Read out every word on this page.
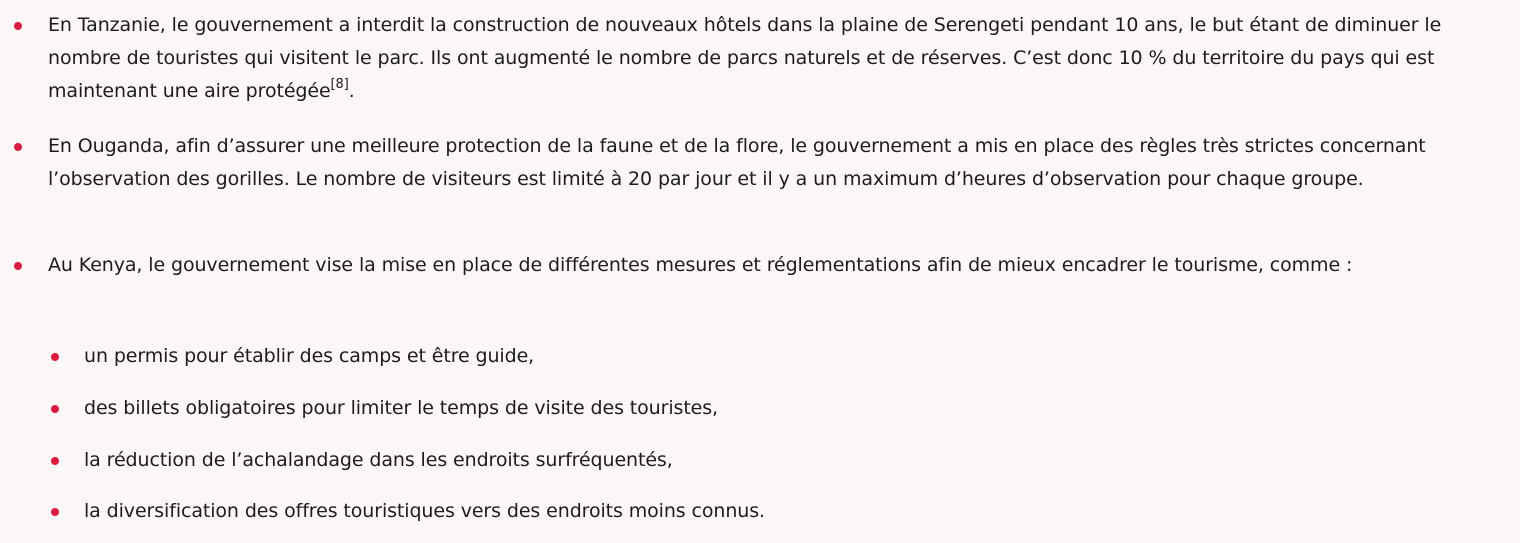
En Tanzanie, le gouvernement a interdit la construction de nouveaux hôtels dans la plaine de Serengeti pendant 10 ans, le but étant de diminuer le nombre de touristes qui visitent le parc. Ils ont augmenté le nombre de parcs naturels et de réserves. C’est donc 10 % du territoire du pays qui est maintenant une aire protégée[8].
En Ouganda, afin d’assurer une meilleure protection de la faune et de la flore, le gouvernement a mis en place des règles très strictes concernant l’observation des gorilles. Le nombre de visiteurs est limité à 20 par jour et il y a un maximum d’heures d’observation pour chaque groupe.
Au Kenya, le gouvernement vise la mise en place de différentes mesures et réglementations afin de mieux encadrer le tourisme, comme :
un permis pour établir des camps et être guide,
des billets obligatoires pour limiter le temps de visite des touristes,
la réduction de l’achalandage dans les endroits surfréquentés,
la diversification des offres touristiques vers des endroits moins connus.
